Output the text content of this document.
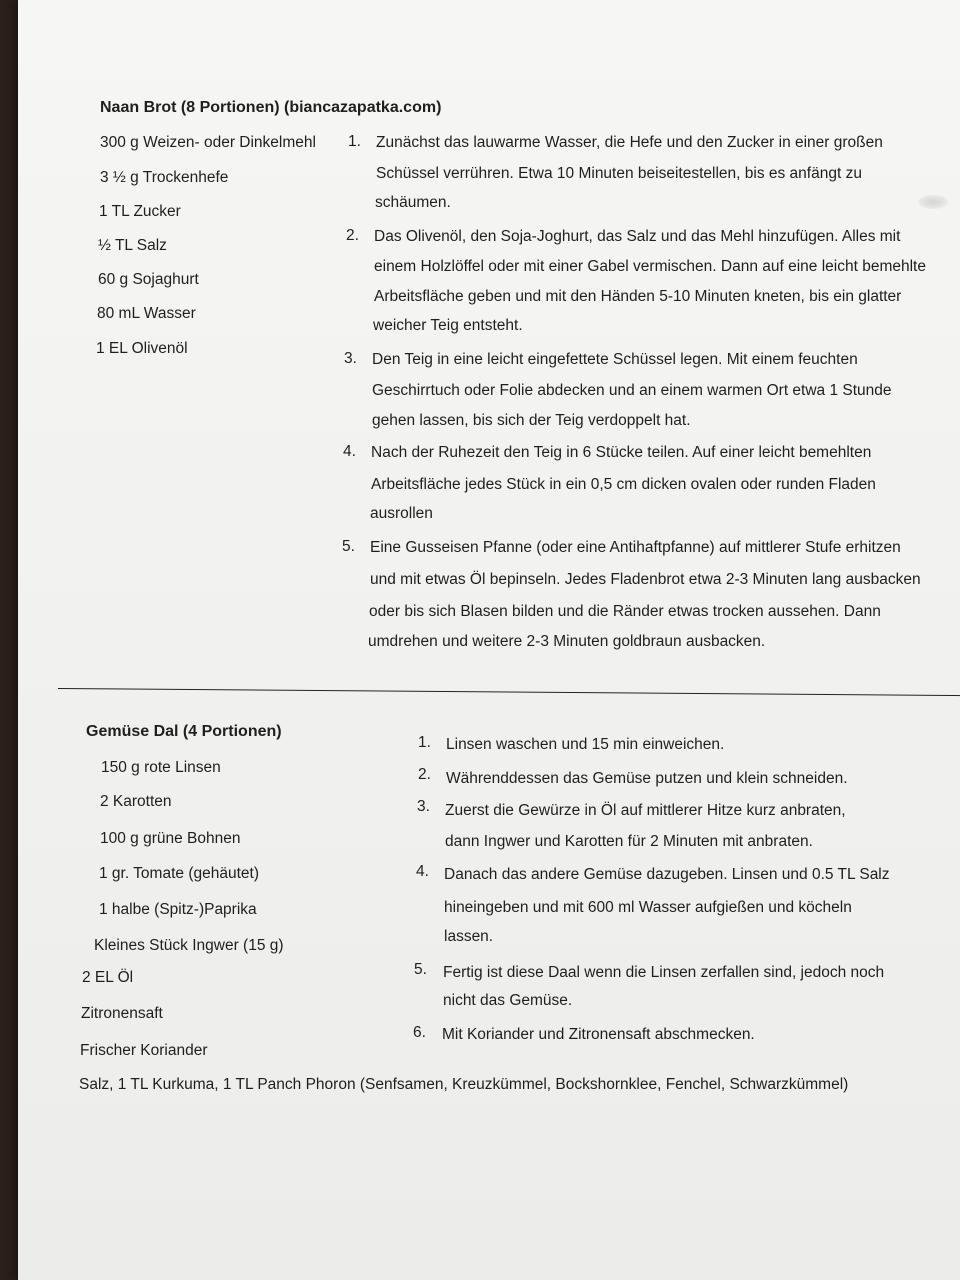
Naan Brot (8 Portionen) (biancazapatka.com)
300 g Weizen- oder Dinkelmehl
3 ½ g Trockenhefe
1 TL Zucker
½ TL Salz
60 g Sojaghurt
80 mL Wasser
1 EL Olivenöl
1. Zunächst das lauwarme Wasser, die Hefe und den Zucker in einer großen
Schüssel verrühren. Etwa 10 Minuten beiseitestellen, bis es anfängt zu
schäumen.
2. Das Olivenöl, den Soja-Joghurt, das Salz und das Mehl hinzufügen. Alles mit
einem Holzlöffel oder mit einer Gabel vermischen. Dann auf eine leicht bemehlte
Arbeitsfläche geben und mit den Händen 5-10 Minuten kneten, bis ein glatter
weicher Teig entsteht.
3. Den Teig in eine leicht eingefettete Schüssel legen. Mit einem feuchten
Geschirrtuch oder Folie abdecken und an einem warmen Ort etwa 1 Stunde
gehen lassen, bis sich der Teig verdoppelt hat.
4. Nach der Ruhezeit den Teig in 6 Stücke teilen. Auf einer leicht bemehlten
Arbeitsfläche jedes Stück in ein 0,5 cm dicken ovalen oder runden Fladen
ausrollen
5. Eine Gusseisen Pfanne (oder eine Antihaftpfanne) auf mittlerer Stufe erhitzen
und mit etwas Öl bepinseln. Jedes Fladenbrot etwa 2-3 Minuten lang ausbacken
oder bis sich Blasen bilden und die Ränder etwas trocken aussehen. Dann
umdrehen und weitere 2-3 Minuten goldbraun ausbacken.
Gemüse Dal (4 Portionen)
150 g rote Linsen
2 Karotten
100 g grüne Bohnen
1 gr. Tomate (gehäutet)
1 halbe (Spitz-)Paprika
Kleines Stück Ingwer (15 g)
2 EL Öl
Zitronensaft
Frischer Koriander
Salz, 1 TL Kurkuma, 1 TL Panch Phoron (Senfsamen, Kreuzkümmel, Bockshornklee, Fenchel, Schwarzkümmel)
1. Linsen waschen und 15 min einweichen.
2. Währenddessen das Gemüse putzen und klein schneiden.
3. Zuerst die Gewürze in Öl auf mittlerer Hitze kurz anbraten,
dann Ingwer und Karotten für 2 Minuten mit anbraten.
4. Danach das andere Gemüse dazugeben. Linsen und 0.5 TL Salz
hineingeben und mit 600 ml Wasser aufgießen und köcheln
lassen.
5. Fertig ist diese Daal wenn die Linsen zerfallen sind, jedoch noch
nicht das Gemüse.
6. Mit Koriander und Zitronensaft abschmecken.
